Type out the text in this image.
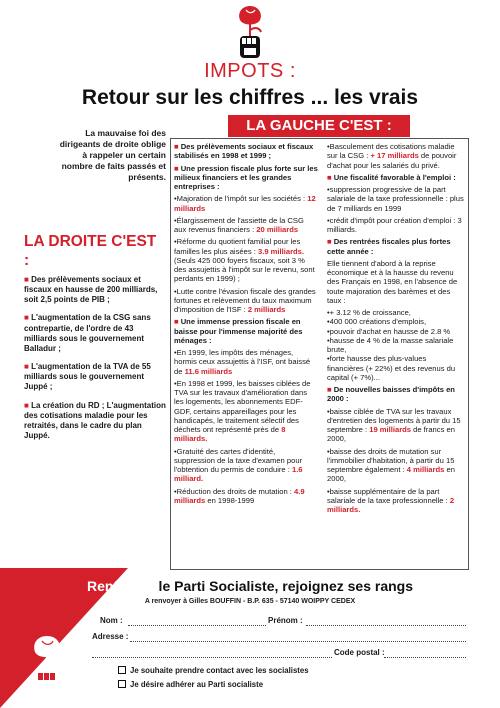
IMPOTS :
Retour sur les chiffres ... les vrais
La mauvaise foi des dirigeants de droite oblige à rappeler un certain nombre de faits passés et présents.
LA GAUCHE C'EST :
■ Des prélèvements sociaux et fiscaux stabilisés en 1998 et 1999 ;
■ Une pression fiscale plus forte sur les milieux financiers et les grandes entreprises :
•Majoration de l'impôt sur les sociétés : 12 milliards
•Élargissement de l'assiette de la CSG aux revenus financiers : 20 milliards
•Réforme du quotient familial pour les familles les plus aisées : 3.9 milliards. (Seuls 425 000 foyers fiscaux, soit 3 % des assujettis à l'impôt sur le revenu, sont perdants en 1999) ;
•Lutte contre l'évasion fiscale des grandes fortunes et relèvement du taux maximum d'imposition de l'ISF : 2 milliards
■ Une immense pression fiscale en baisse pour l'immense majorité des ménages :
•En 1999, les impôts des ménages, hormis ceux assujettis à l'ISF, ont baissé de 11.6 milliards
•En 1998 et 1999, les baisses ciblées de TVA sur les travaux d'amélioration dans les logements, les abonnements EDF-GDF, certains appareillages pour les handicapés, le traitement sélectif des déchets ont représenté près de 8 milliards.
•Gratuité des cartes d'identité, suppression de la taxe d'examen pour l'obtention du permis de conduire : 1.6 milliard.
•Réduction des droits de mutation : 4.9 milliards en 1998-1999
•Basculement des cotisations maladie sur la CSG : + 17 milliards de pouvoir d'achat pour les salariés du privé.
■ Une fiscalité favorable à l'emploi :
•suppression progressive de la part salariale de la taxe professionnelle : plus de 7 milliards en 1999
•crédit d'impôt pour création d'emploi : 3 milliards.
■ Des rentrées fiscales plus fortes cette année :
Elle tiennent d'abord à la reprise économique et à la hausse du revenu des Français en 1998, en l'absence de toute majoration des barèmes et des taux :
•+ 3.12 % de croissance,
•400 000 créations d'emplois,
•pouvoir d'achat en hausse de 2.8 %
•hausse de 4 % de la masse salariale brute,
•forte hausse des plus-values financières (+ 22%) et des revenus du capital (+ 7%)...
■ De nouvelles baisses d'impôts en 2000 :
•baisse ciblée de TVA sur les travaux d'entretien des logements à partir du 15 septembre : 19 milliards de francs en 2000,
•baisse des droits de mutation sur l'immobilier d'habitation, à partir du 15 septembre également : 4 milliards en 2000,
•baisse supplémentaire de la part salariale de la taxe professionnelle : 2 milliards.
LA DROITE C'EST :
■ Des prélèvements sociaux et fiscaux en hausse de 200 milliards, soit 2,5 points de PIB ;
■ L'augmentation de la CSG sans contrepartie, de l'ordre de 43 milliards sous le gouvernement Balladur ;
■ L'augmentation de la TVA de 55 milliards sous le gouvernement Juppé ;
■ La création du RD ; L'augmentation des cotisations maladie pour les retraités, dans le cadre du plan Juppé.
Renforcez le Parti Socialiste, rejoignez ses rangs
A renvoyer à Gilles BOUFFIN - B.P. 635 - 57140 WOIPPY CEDEX
Nom :	Prénom :
Adresse :
Code postal :
Je souhaite prendre contact avec les socialistes
Je désire adhérer au Parti socialiste
